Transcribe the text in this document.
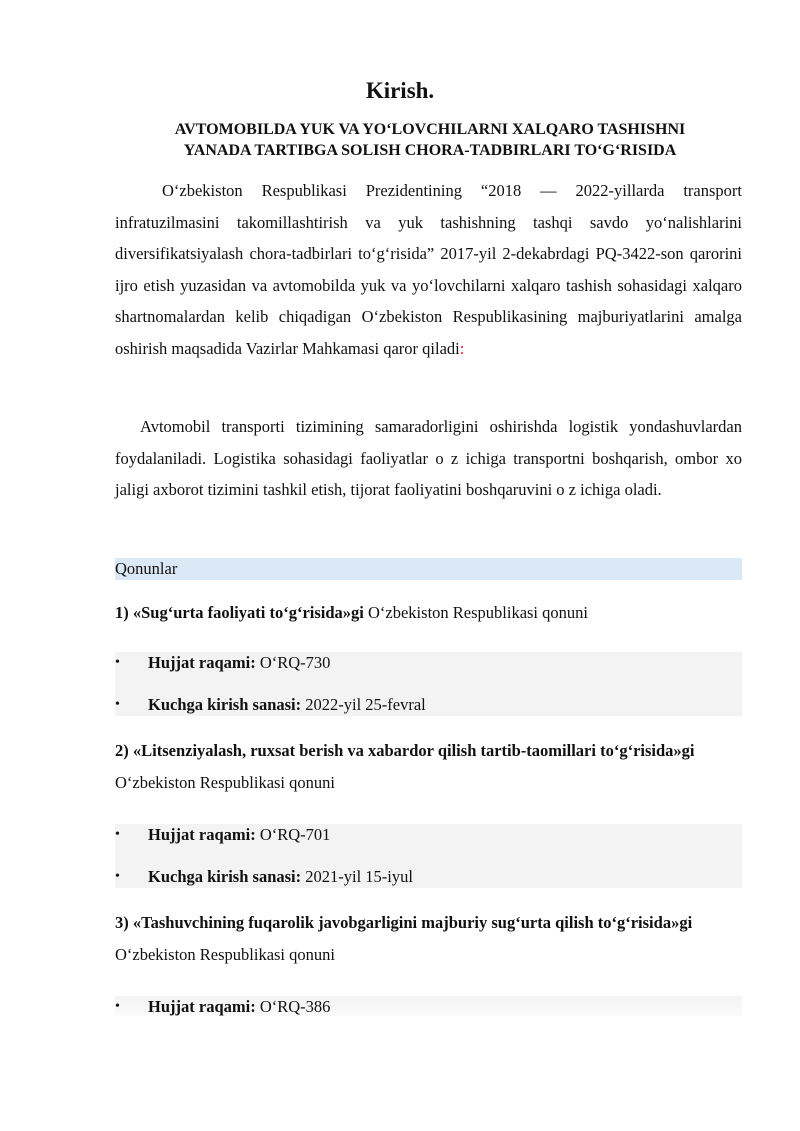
Kirish.
AVTOMOBILDA YUK VA YO‘LOVCHILARNI XALQARO TASHISHNI
YANADA TARTIBGA SOLISH CHORA-TADBIRLARI TO‘G‘RISIDA
O‘zbekiston Respublikasi Prezidentining “2018 — 2022-yillarda transport infratuzilmasini takomillashtirish va yuk tashishning tashqi savdo yo‘nalishlarini diversifikatsiyalash chora-tadbirlari to‘g‘risida” 2017-yil 2-dekabrdagi PQ-3422-son qarorini ijro etish yuzasidan va avtomobilda yuk va yo‘lovchilarni xalqaro tashish sohasidagi xalqaro shartnomalardan kelib chiqadigan O‘zbekiston Respublikasining majburiyatlarini amalga oshirish maqsadida Vazirlar Mahkamasi qaror qiladi:
Avtomobil transporti tizimining samaradorligini oshirishda logistik yondashuvlardan foydalaniladi. Logistika sohasidagi faoliyatlar o z ichiga transportni boshqarish, ombor xo jaligi axborot tizimini tashkil etish, tijorat faoliyatini boshqaruvini o z ichiga oladi.
Qonunlar
1) «Sug‘urta faoliyati to‘g‘risida»gi O‘zbekiston Respublikasi qonuni
• Hujjat raqami: O‘RQ-730
• Kuchga kirish sanasi: 2022-yil 25-fevral
2) «Litsenziyalash, ruxsat berish va xabardor qilish tartib-taomillari to‘g‘risida»gi O‘zbekiston Respublikasi qonuni
• Hujjat raqami: O‘RQ-701
• Kuchga kirish sanasi: 2021-yil 15-iyul
3) «Tashuvchining fuqarolik javobgarligini majburiy sug‘urta qilish to‘g‘risida»gi O‘zbekiston Respublikasi qonuni
• Hujjat raqami: O‘RQ-386
